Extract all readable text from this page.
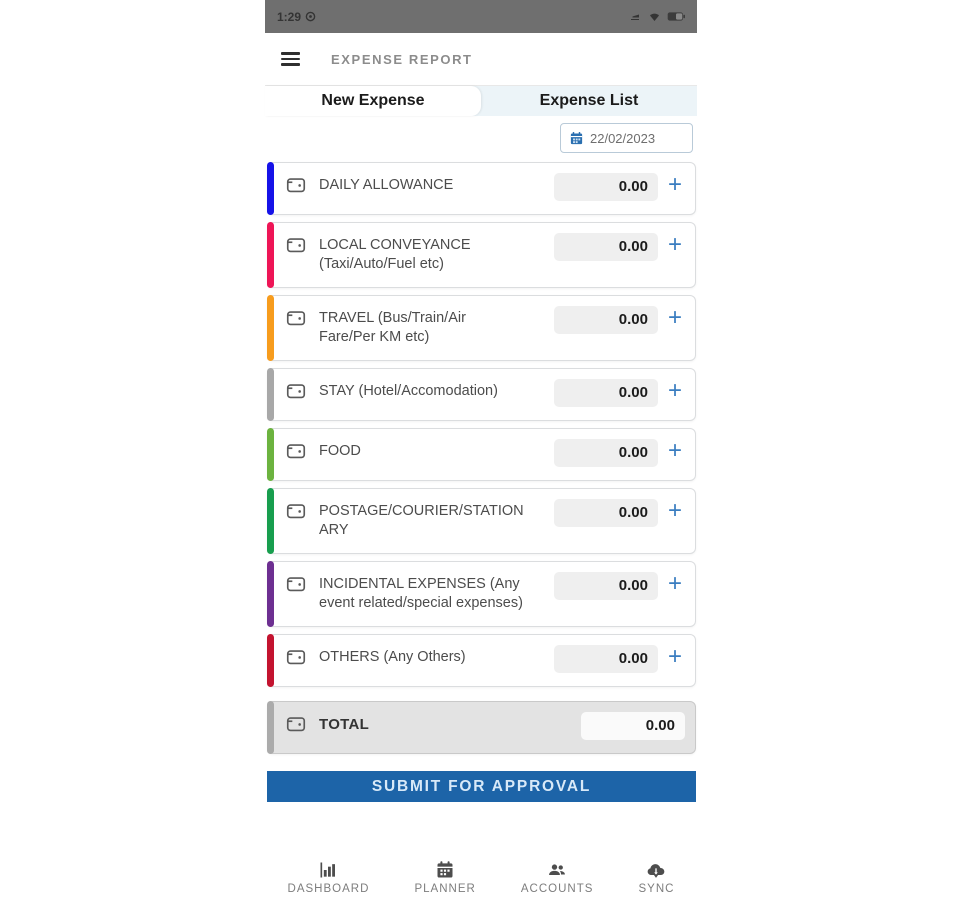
1:29
EXPENSE REPORT
New Expense	Expense List
22/02/2023
DAILY ALLOWANCE	0.00 +
LOCAL CONVEYANCE (Taxi/Auto/Fuel etc)
0.00 +
TRAVEL (Bus/Train/Air Fare/Per KM etc)
0.00 +
STAY (Hotel/Accomodation)	0.00 +
FOOD	0.00 +
POSTAGE/COURIER/STATIONARY
0.00 +
INCIDENTAL EXPENSES (Any event related/special expenses)
0.00 +
OTHERS (Any Others)	0.00 +
TOTAL	0.00
SUBMIT FOR APPROVAL
DASHBOARD	PLANNER	ACCOUNTS	SYNC
